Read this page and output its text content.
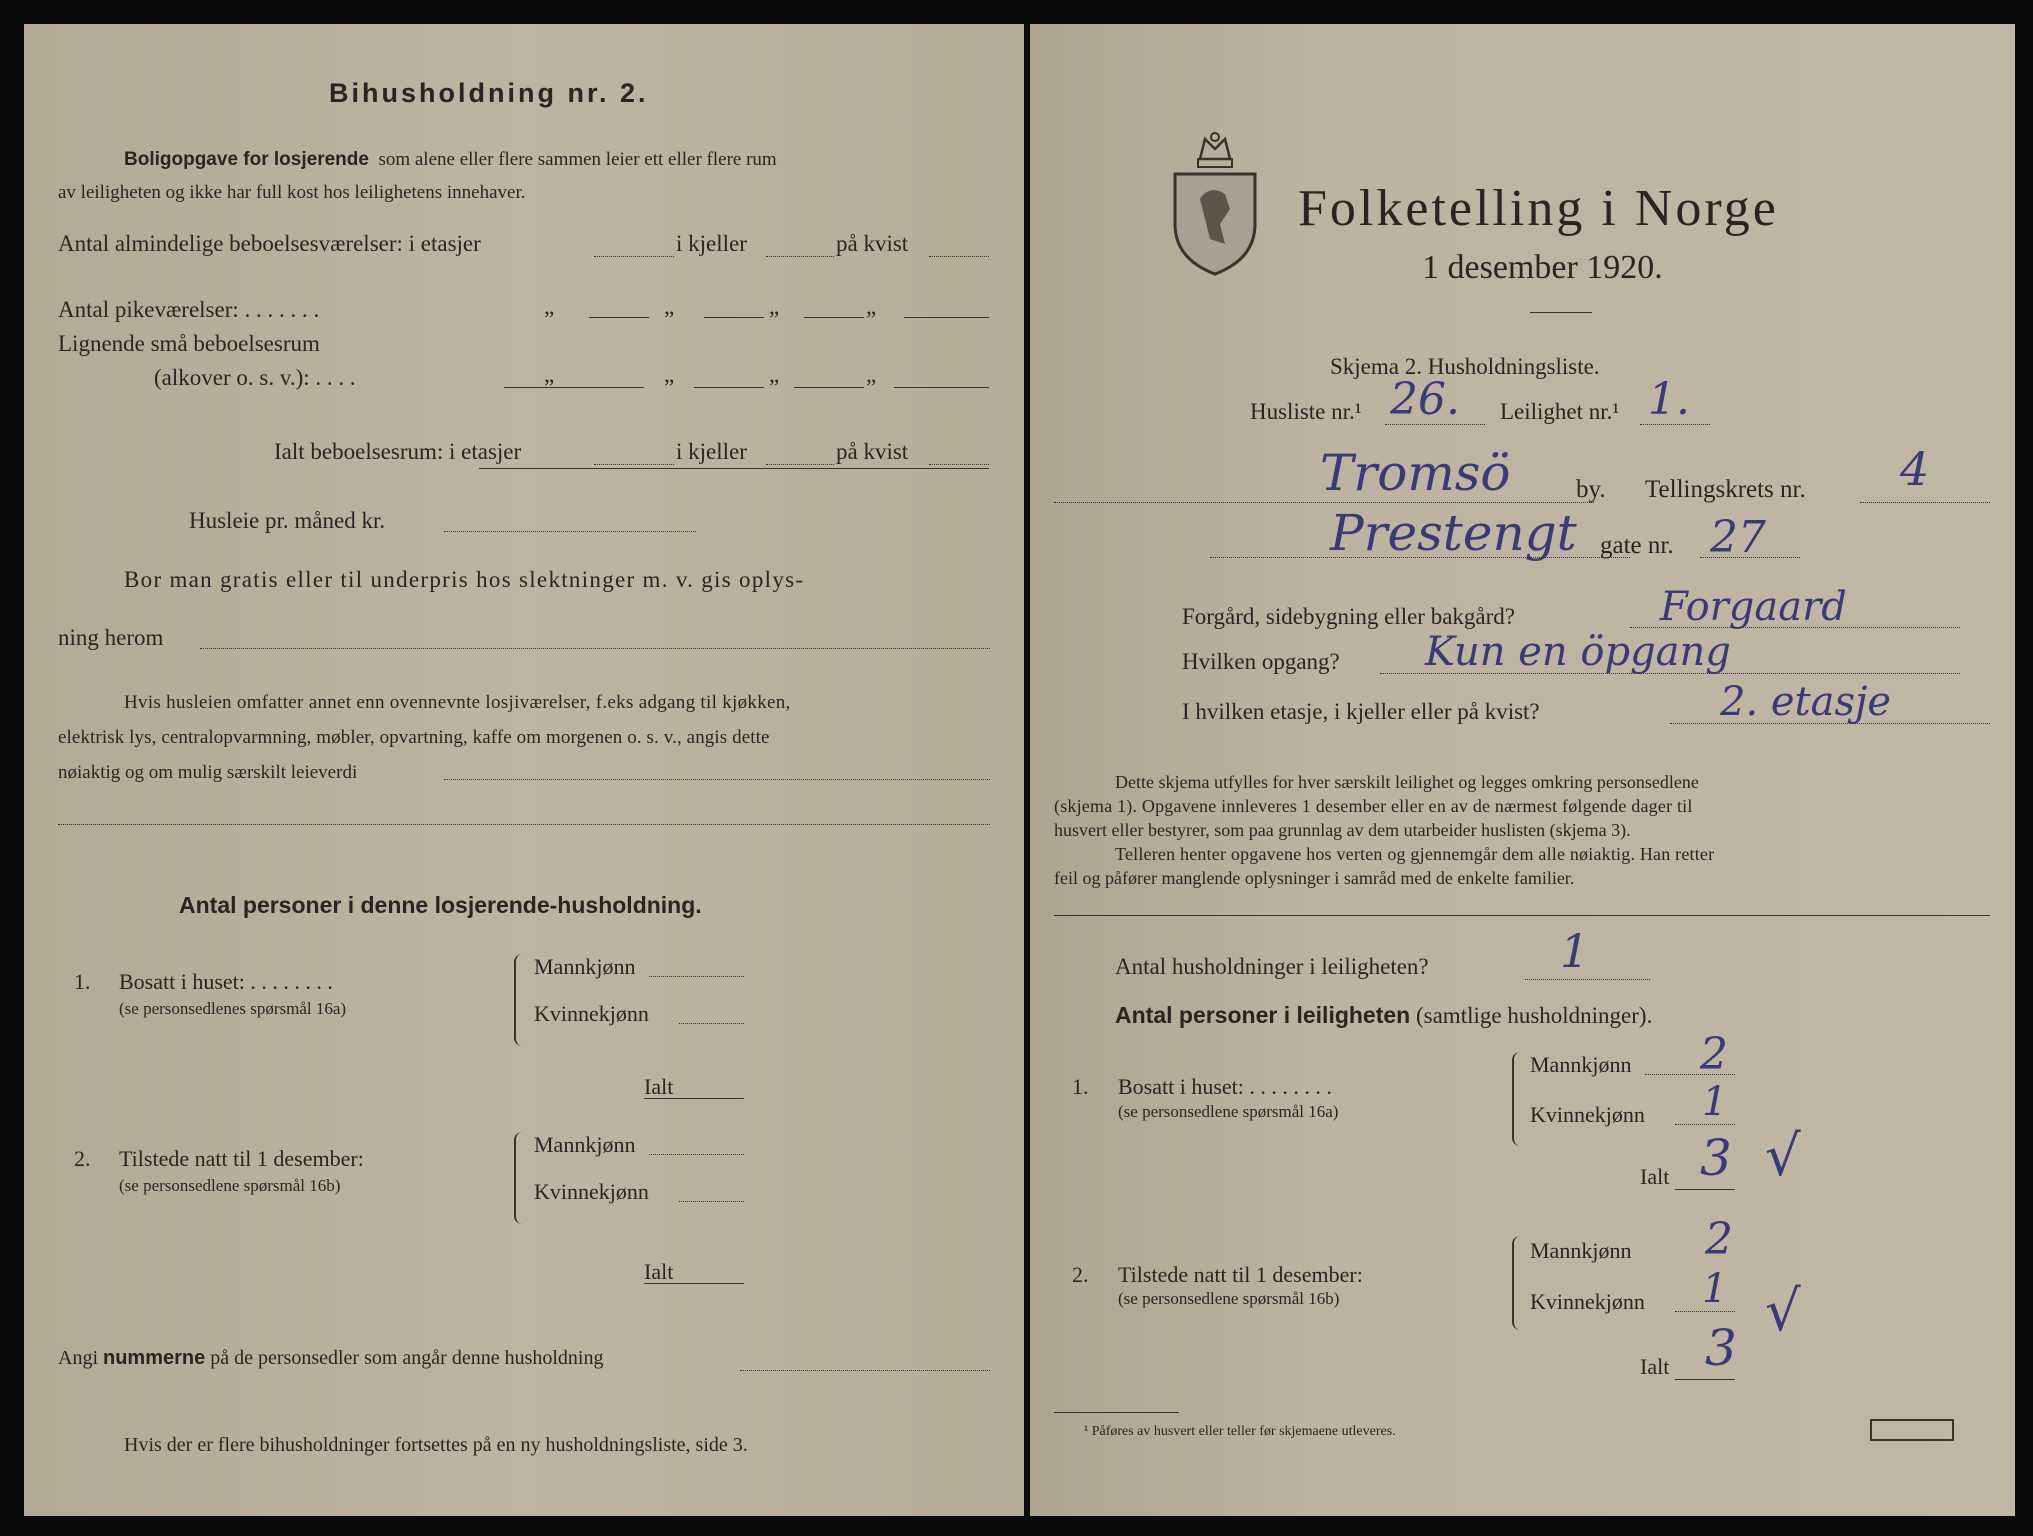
Bihusholdning nr. 2.
Boligopgave for losjerende som alene eller flere sammen leier ett eller flere rum
av leiligheten og ikke har full kost hos leilighetens innehaver.
Antal almindelige beboelsesværelser: i etasjer	i kjeller	på kvist
Antal pikeværelser: . . . . . . .	„	„	„	„
Lignende små beboelsesrum
(alkover o. s. v.): . . . .	„	„	„	„
Ialt beboelsesrum: i etasjer	i kjeller	på kvist
Husleie pr. måned kr.
Bor man gratis eller til underpris hos slektninger m. v. gis oplys-
ning herom
Hvis husleien omfatter annet enn ovennevnte losjiværelser, f.eks adgang til kjøkken,
elektrisk lys, centralopvarmning, møbler, opvartning, kaffe om morgenen o. s. v., angis dette
nøiaktig og om mulig særskilt leieverdi
Antal personer i denne losjerende-husholdning.
1. Bosatt i huset: . . . . . . . .
(se personsedlenes spørsmål 16a)
Mannkjønn
Kvinnekjønn
Ialt
2. Tilstede natt til 1 desember:
(se personsedlene spørsmål 16b)
Mannkjønn
Kvinnekjønn
Ialt
Angi nummerne på de personsedler som angår denne husholdning
Hvis der er flere bihusholdninger fortsettes på en ny husholdningsliste, side 3.
Folketelling i Norge
1 desember 1920.
Skjema 2. Husholdningsliste.
Husliste nr.¹ 26. Leilighet nr.¹ 1.
Tromsö	by. Tellingskrets nr. 4
Prestengt gate nr. 27
Forgård, sidebygning eller bakgård?	Forgaard
Hvilken opgang? Kun en öpgang
I hvilken etasje, i kjeller eller på kvist?	2. etasje
Dette skjema utfylles for hver særskilt leilighet og legges omkring personsedlene
(skjema 1). Opgavene innleveres 1 desember eller en av de nærmest følgende dager til
husvert eller bestyrer, som paa grunnlag av dem utarbeider huslisten (skjema 3).
Telleren henter opgavene hos verten og gjennemgår dem alle nøiaktig. Han retter
feil og påfører manglende oplysninger i samråd med de enkelte familier.
Antal husholdninger i leiligheten?	1
Antal personer i leiligheten (samtlige husholdninger).
1. Bosatt i huset: . . . . . . . .
(se personsedlene spørsmål 16a)
Mannkjønn 2
Kvinnekjønn 1
Ialt 3 √
2. Tilstede natt til 1 desember:
(se personsedlene spørsmål 16b)
Mannkjønn 2
Kvinnekjønn 1 √
Ialt 3
¹ Påføres av husvert eller teller før skjemaene utleveres.
